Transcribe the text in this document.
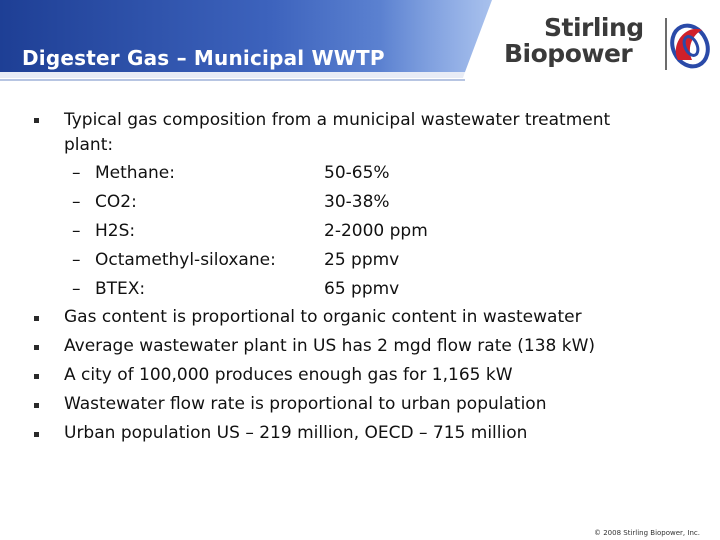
Digester Gas – Municipal WWTP
Stirling
Biopower
Typical gas composition from a municipal wastewater treatment
plant:
– Methane:	50-65%
– CO2:	30-38%
– H2S:	2-2000 ppm
– Octamethyl-siloxane:	25 ppmv
– BTEX:	65 ppmv
Gas content is proportional to organic content in wastewater
Average wastewater plant in US has 2 mgd flow rate (138 kW)
A city of 100,000 produces enough gas for 1,165 kW
Wastewater flow rate is proportional to urban population
Urban population US – 219 million, OECD – 715 million
© 2008 Stirling Biopower, Inc.
